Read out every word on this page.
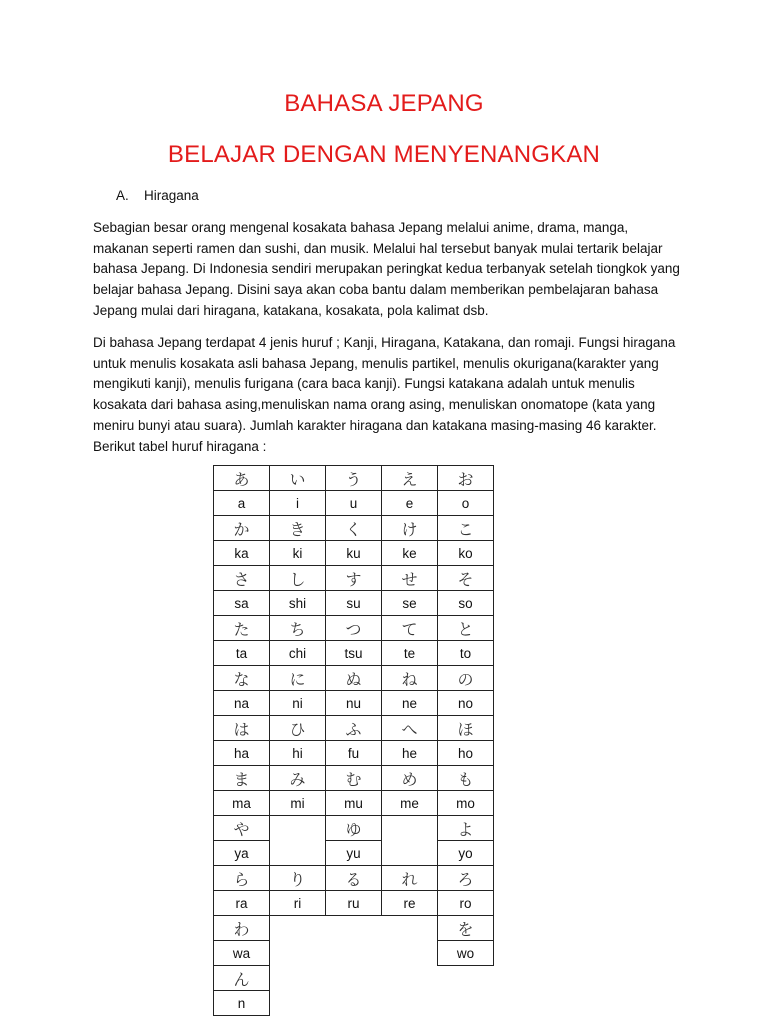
BAHASA JEPANG
BELAJAR DENGAN MENYENANGKAN
A. Hiragana

Sebagian besar orang mengenal kosakata bahasa Jepang melalui anime, drama, manga, makanan seperti ramen dan sushi, dan musik. Melalui hal tersebut banyak mulai tertarik belajar bahasa Jepang. Di Indonesia sendiri merupakan peringkat kedua terbanyak setelah tiongkok yang belajar bahasa Jepang. Disini saya akan coba bantu dalam memberikan pembelajaran bahasa Jepang mulai dari hiragana, katakana, kosakata, pola kalimat dsb.

Di bahasa Jepang terdapat 4 jenis huruf ; Kanji, Hiragana, Katakana, dan romaji. Fungsi hiragana untuk menulis kosakata asli bahasa Jepang, menulis partikel, menulis okurigana(karakter yang mengikuti kanji), menulis furigana (cara baca kanji). Fungsi katakana adalah untuk menulis kosakata dari bahasa asing,menuliskan nama orang asing, menuliskan onomatope (kata yang meniru bunyi atau suara). Jumlah karakter hiragana dan katakana masing-masing 46 karakter. Berikut tabel huruf hiragana :

あ	い	う	え	お
a	i	u	e	o
か	き	く	け	こ
ka	ki	ku	ke	ko
さ	し	す	せ	そ
sa	shi	su	se	so
た	ち	つ	て	と
ta	chi	tsu	te	to
な	に	ぬ	ね	の
na	ni	nu	ne	no
は	ひ	ふ	へ	ほ
ha	hi	fu	he	ho
ま	み	む	め	も
ma	mi	mu	me	mo
や		ゆ		よ
ya		yu		yo
ら	り	る	れ	ろ
ra	ri	ru	re	ro
わ				を
wa				wo
ん				
n				
